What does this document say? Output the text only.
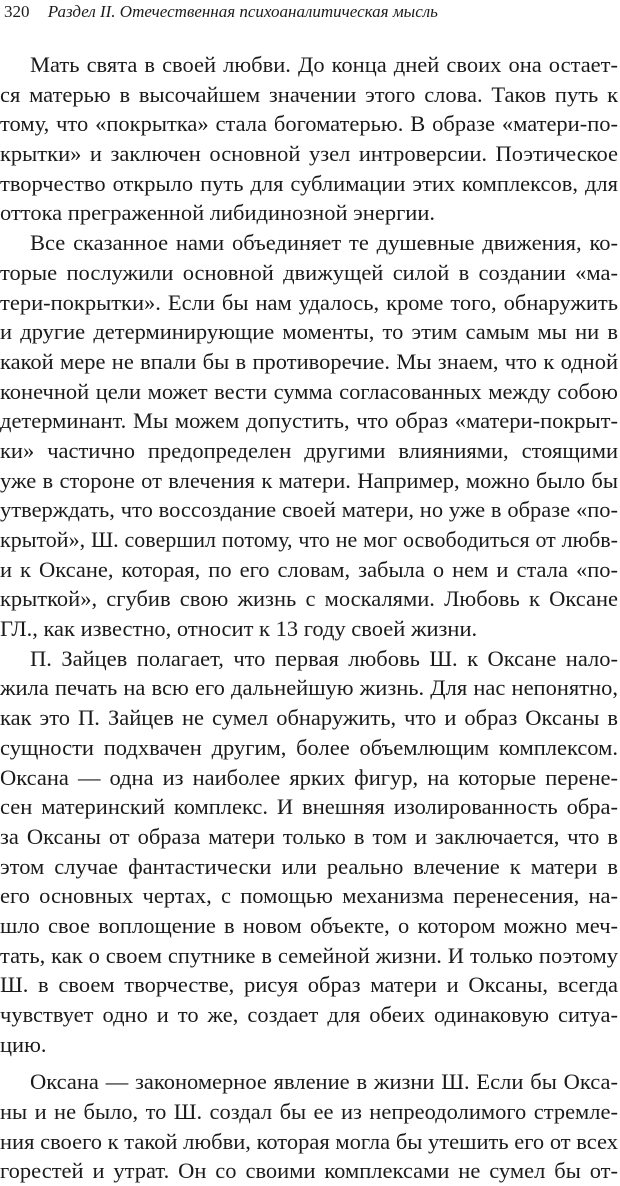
320 Раздел II. Отечественная психоаналитическая мысль
Мать свята в своей любви. До конца дней своих она остает-
ся матерью в высочайшем значении этого слова. Таков путь к
тому, что «покрытка» стала богоматерью. В образе «матери-по-
крытки» и заключен основной узел интроверсии. Поэтическое
творчество открыло путь для сублимации этих комплексов, для
оттока преграженной либидинозной энергии.
Все сказанное нами объединяет те душевные движения, ко-
торые послужили основной движущей силой в создании «ма-
тери-покрытки». Если бы нам удалось, кроме того, обнаружить
и другие детерминирующие моменты, то этим самым мы ни в
какой мере не впали бы в противоречие. Мы знаем, что к одной
конечной цели может вести сумма согласованных между собою
детерминант. Мы можем допустить, что образ «матери-покрыт-
ки» частично предопределен другими влияниями, стоящими
уже в стороне от влечения к матери. Например, можно было бы
утверждать, что воссоздание своей матери, но уже в образе «по-
крытой», Ш. совершил потому, что не мог освободиться от любв-
и к Оксане, которая, по его словам, забыла о нем и стала «по-
крыткой», сгубив свою жизнь с москалями. Любовь к Оксане
ГЛ., как известно, относит к 13 году своей жизни.
П. Зайцев полагает, что первая любовь Ш. к Оксане нало-
жила печать на всю его дальнейшую жизнь. Для нас непонятно,
как это П. Зайцев не сумел обнаружить, что и образ Оксаны в
сущности подхвачен другим, более объемлющим комплексом.
Оксана — одна из наиболее ярких фигур, на которые перене-
сен материнский комплекс. И внешняя изолированность обра-
за Оксаны от образа матери только в том и заключается, что в
этом случае фантастически или реально влечение к матери в
его основных чертах, с помощью механизма перенесения, на-
шло свое воплощение в новом объекте, о котором можно меч-
тать, как о своем спутнике в семейной жизни. И только поэтому
Ш. в своем творчестве, рисуя образ матери и Оксаны, всегда
чувствует одно и то же, создает для обеих одинаковую ситуа-
цию.
Оксана — закономерное явление в жизни Ш. Если бы Окса-
ны и не было, то Ш. создал бы ее из непреодолимого стремле-
ния своего к такой любви, которая могла бы утешить его от всех
горестей и утрат. Он со своими комплексами не сумел бы от-
